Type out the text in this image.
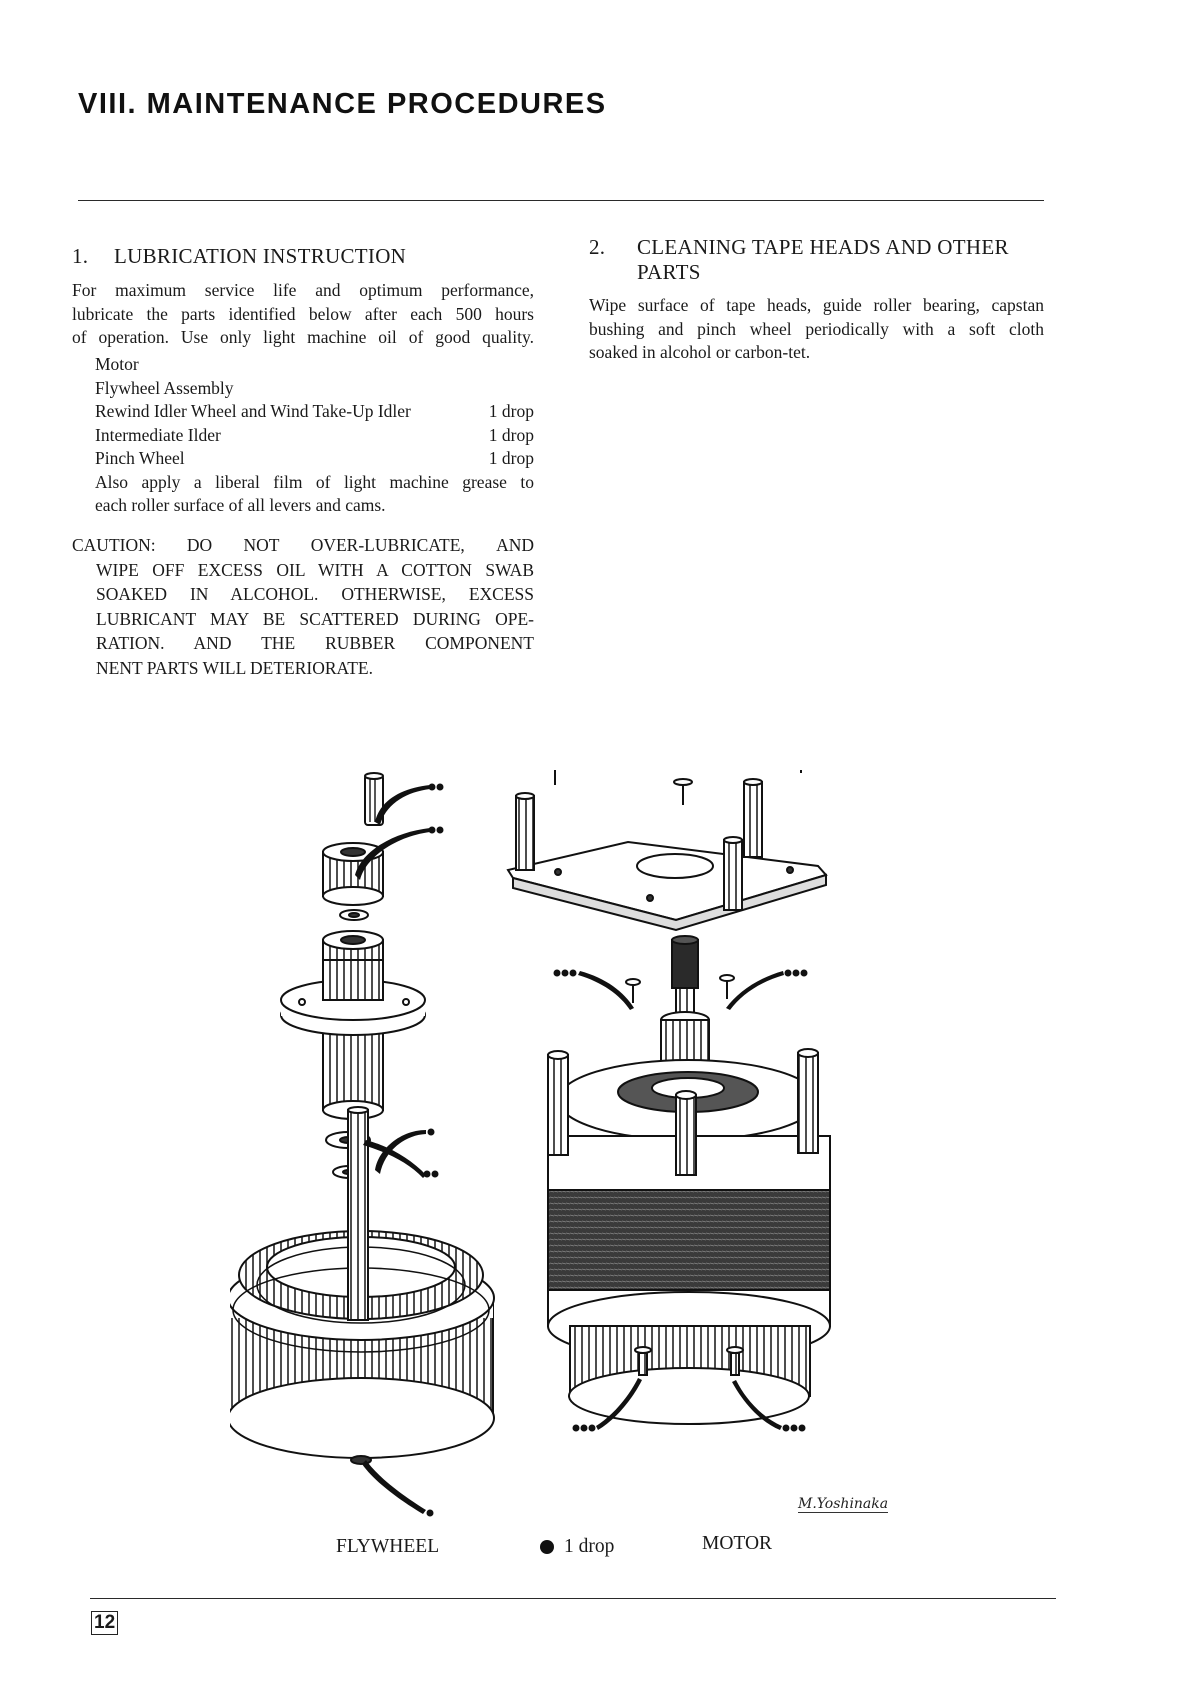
VIII. MAINTENANCE PROCEDURES
1. LUBRICATION INSTRUCTION

For maximum service life and optimum performance,

lubricate the parts identified below after each 500 hours

of operation. Use only light machine oil of good quality.

Motor
Flywheel Assembly
Rewind Idler Wheel and Wind Take-Up Idler	1 drop
Intermediate Ilder	1 drop
Pinch Wheel	1 drop

Also apply a liberal film of light machine grease to

each roller surface of all levers and cams.

CAUTION: DO NOT OVER-LUBRICATE, AND
WIPE OFF EXCESS OIL WITH A COTTON SWAB
SOAKED IN ALCOHOL. OTHERWISE, EXCESS
LUBRICANT MAY BE SCATTERED DURING OPE-
RATION. AND THE RUBBER COMPONENT
NENT PARTS WILL DETERIORATE.
2. CLEANING TAPE HEADS AND OTHER
PARTS

Wipe surface of tape heads, guide roller bearing, capstan

bushing and pinch wheel periodically with a soft cloth

soaked in alcohol or carbon-tet.

M.Yoshinaka
FLYWHEEL	1 drop	MOTOR
12
